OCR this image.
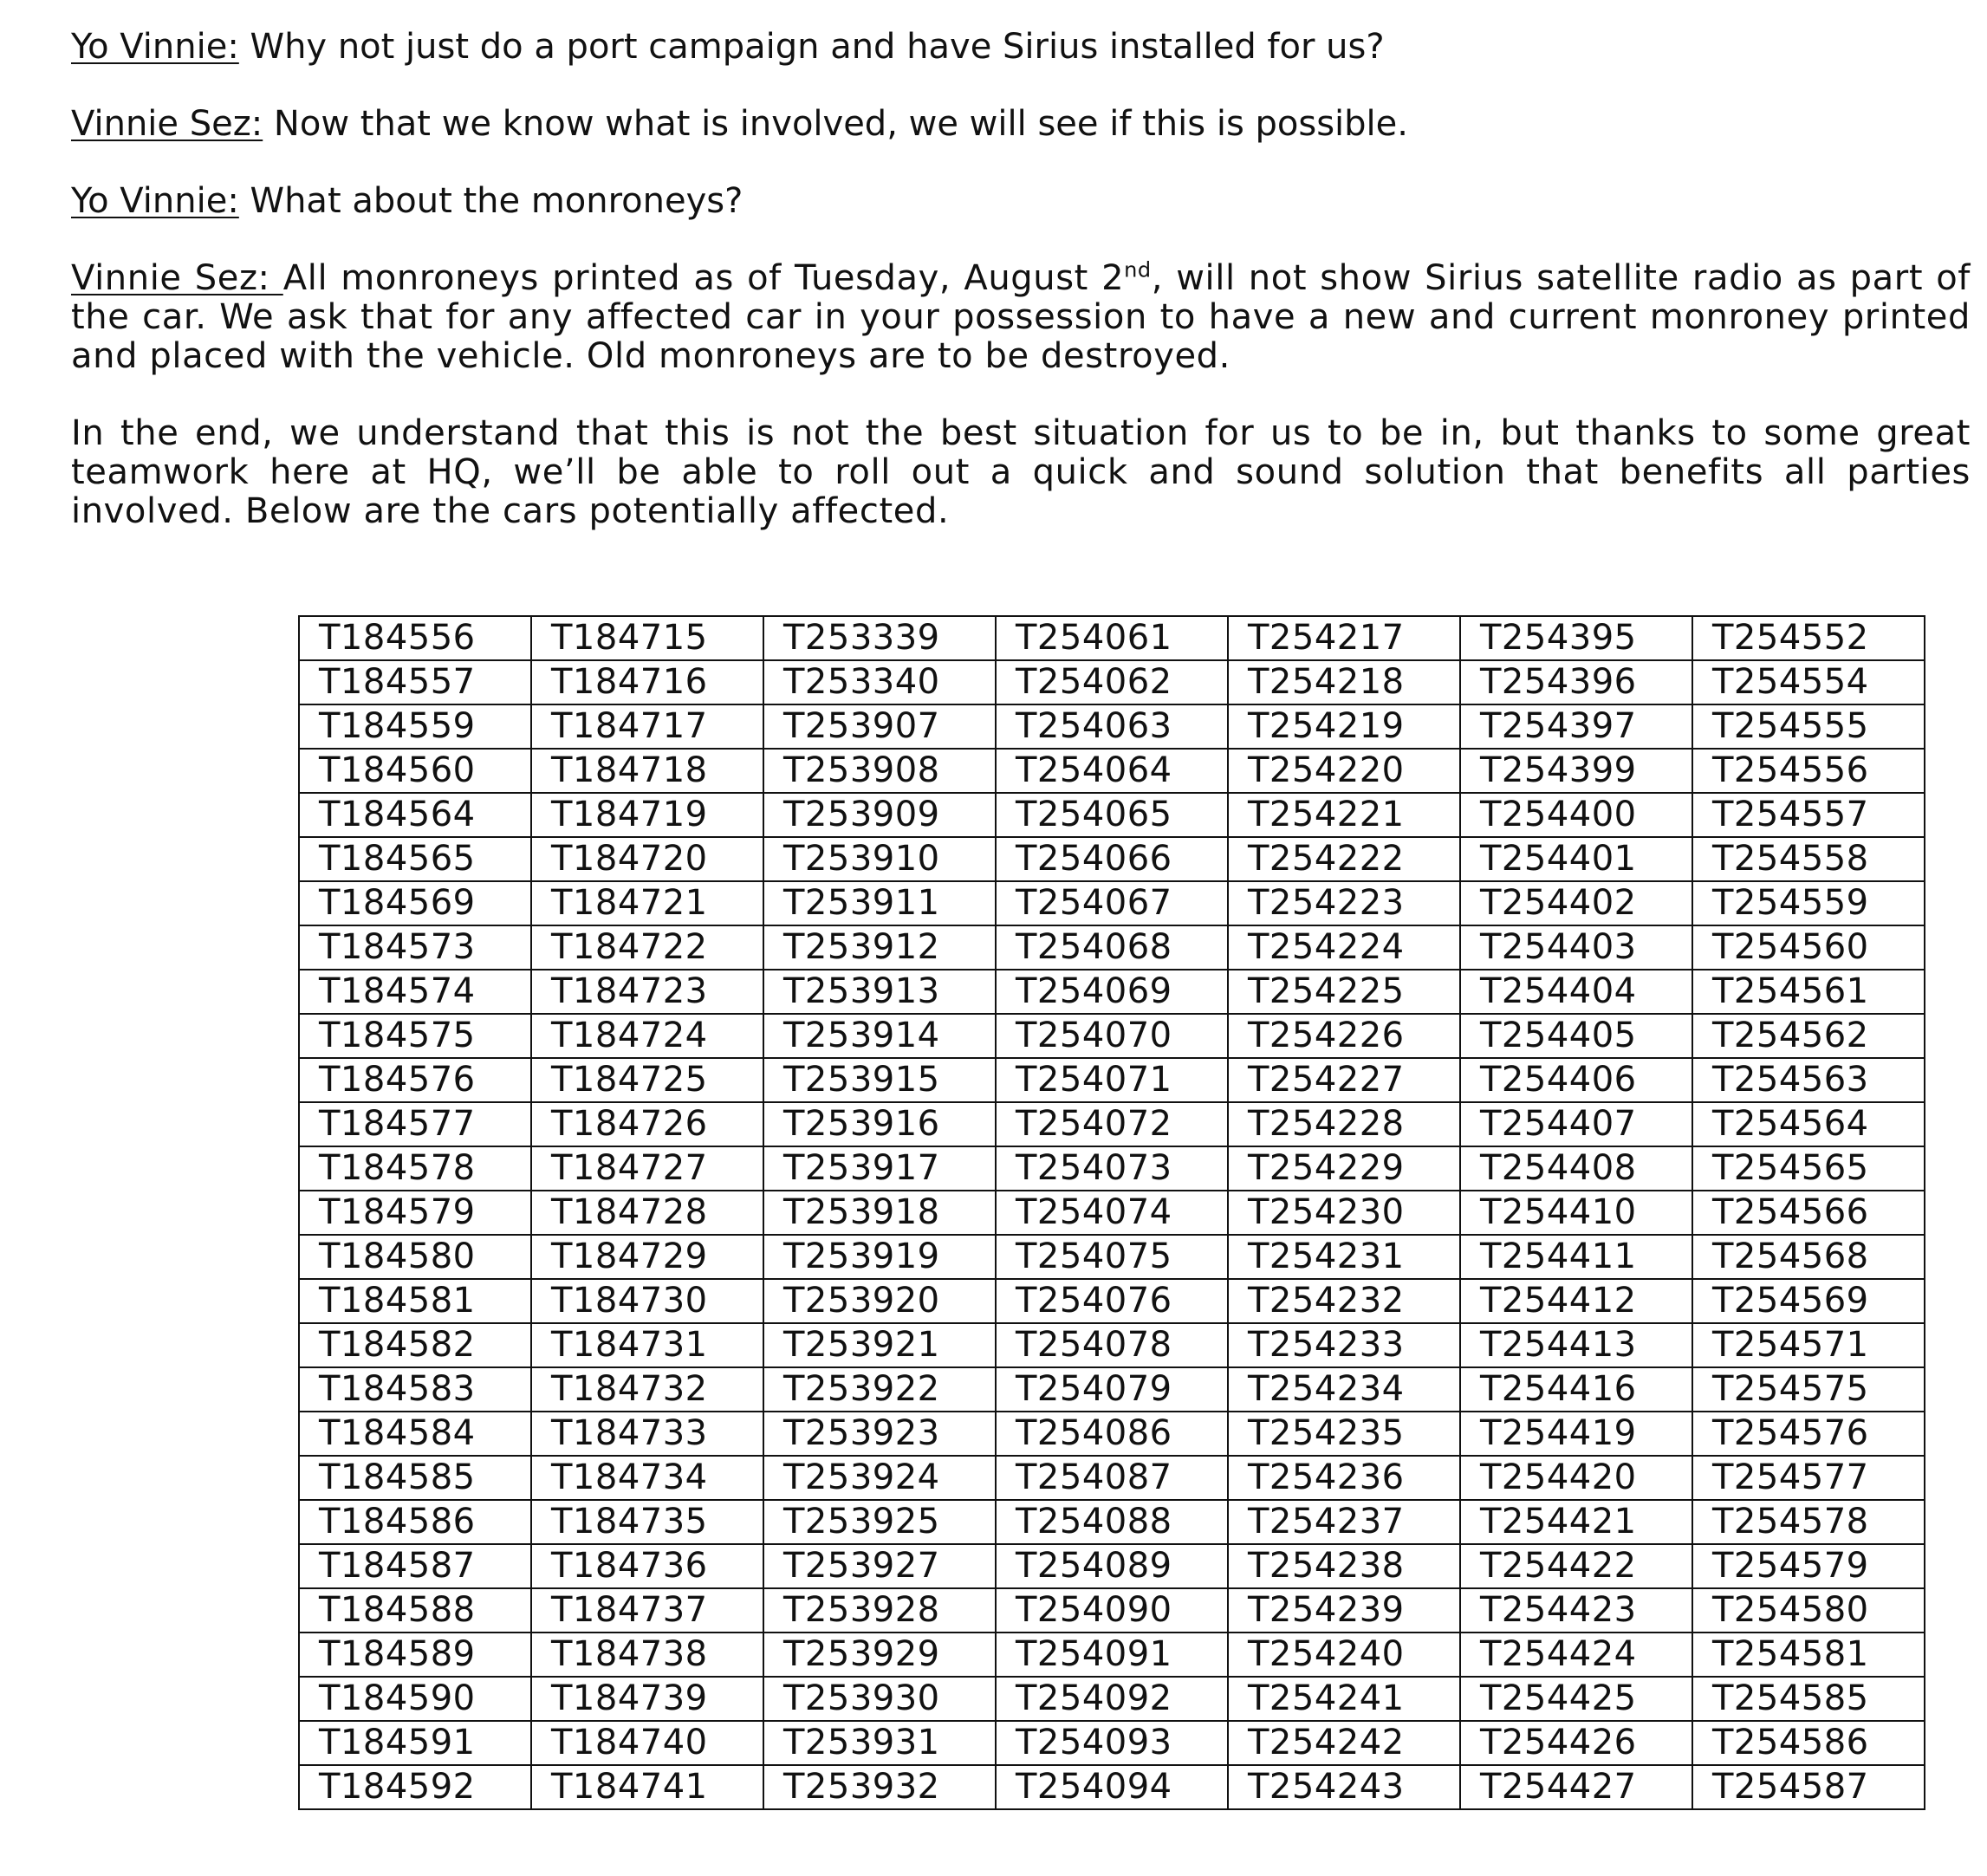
Yo Vinnie: Why not just do a port campaign and have Sirius installed for us?

Vinnie Sez: Now that we know what is involved, we will see if this is possible.

Yo Vinnie: What about the monroneys?

Vinnie Sez: All monroneys printed as of Tuesday, August 2nd, will not show Sirius satellite radio as part of the car. We ask that for any affected car in your possession to have a new and current monroney printed and placed with the vehicle. Old monroneys are to be destroyed.

In the end, we understand that this is not the best situation for us to be in, but thanks to some great teamwork here at HQ, we’ll be able to roll out a quick and sound solution that benefits all parties involved. Below are the cars potentially affected.

T184556	T184715	T253339	T254061	T254217	T254395	T254552
T184557	T184716	T253340	T254062	T254218	T254396	T254554
T184559	T184717	T253907	T254063	T254219	T254397	T254555
T184560	T184718	T253908	T254064	T254220	T254399	T254556
T184564	T184719	T253909	T254065	T254221	T254400	T254557
T184565	T184720	T253910	T254066	T254222	T254401	T254558
T184569	T184721	T253911	T254067	T254223	T254402	T254559
T184573	T184722	T253912	T254068	T254224	T254403	T254560
T184574	T184723	T253913	T254069	T254225	T254404	T254561
T184575	T184724	T253914	T254070	T254226	T254405	T254562
T184576	T184725	T253915	T254071	T254227	T254406	T254563
T184577	T184726	T253916	T254072	T254228	T254407	T254564
T184578	T184727	T253917	T254073	T254229	T254408	T254565
T184579	T184728	T253918	T254074	T254230	T254410	T254566
T184580	T184729	T253919	T254075	T254231	T254411	T254568
T184581	T184730	T253920	T254076	T254232	T254412	T254569
T184582	T184731	T253921	T254078	T254233	T254413	T254571
T184583	T184732	T253922	T254079	T254234	T254416	T254575
T184584	T184733	T253923	T254086	T254235	T254419	T254576
T184585	T184734	T253924	T254087	T254236	T254420	T254577
T184586	T184735	T253925	T254088	T254237	T254421	T254578
T184587	T184736	T253927	T254089	T254238	T254422	T254579
T184588	T184737	T253928	T254090	T254239	T254423	T254580
T184589	T184738	T253929	T254091	T254240	T254424	T254581
T184590	T184739	T253930	T254092	T254241	T254425	T254585
T184591	T184740	T253931	T254093	T254242	T254426	T254586
T184592	T184741	T253932	T254094	T254243	T254427	T254587
